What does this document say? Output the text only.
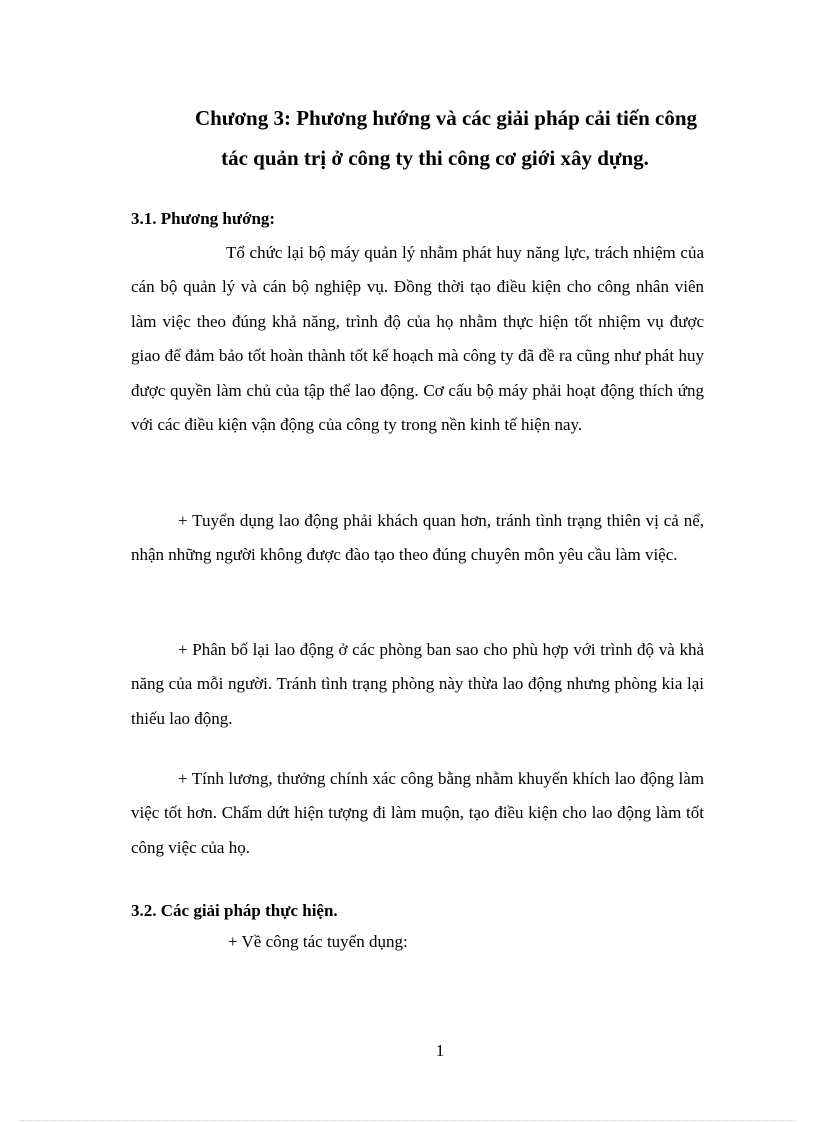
Chương 3: Phương hướng và các giải pháp cải tiến công
tác quản trị ở công ty thi công cơ giới xây dựng.
3.1. Phương hướng:
Tổ chức lại bộ máy quản lý nhằm phát huy năng lực, trách nhiệm của cán bộ quản lý và cán bộ nghiệp vụ. Đồng thời tạo điều kiện cho công nhân viên làm việc theo đúng khả năng, trình độ của họ nhằm thực hiện tốt nhiệm vụ được giao để đảm bảo tốt hoàn thành tốt kế hoạch mà công ty đã đề ra cũng như phát huy được quyền làm chủ của tập thể lao động. Cơ cấu bộ máy phải hoạt động thích ứng với các điều kiện vận động của công ty trong nền kinh tế hiện nay.
+ Tuyển dụng lao động phải khách quan hơn, tránh tình trạng thiên vị cả nể, nhận những người không được đào tạo theo đúng chuyên môn yêu cầu làm việc.
+ Phân bố lại lao động ở các phòng ban sao cho phù hợp với trình độ và khả năng của mỗi người. Tránh tình trạng phòng này thừa lao động nhưng phòng kia lại thiếu lao động.
+ Tính lương, thưởng chính xác công bằng nhằm khuyến khích lao động làm việc tốt hơn. Chấm dứt hiện tượng đi làm muộn, tạo điều kiện cho lao động làm tốt công việc của họ.
3.2. Các giải pháp thực hiện.
+ Về công tác tuyển dụng:
1
